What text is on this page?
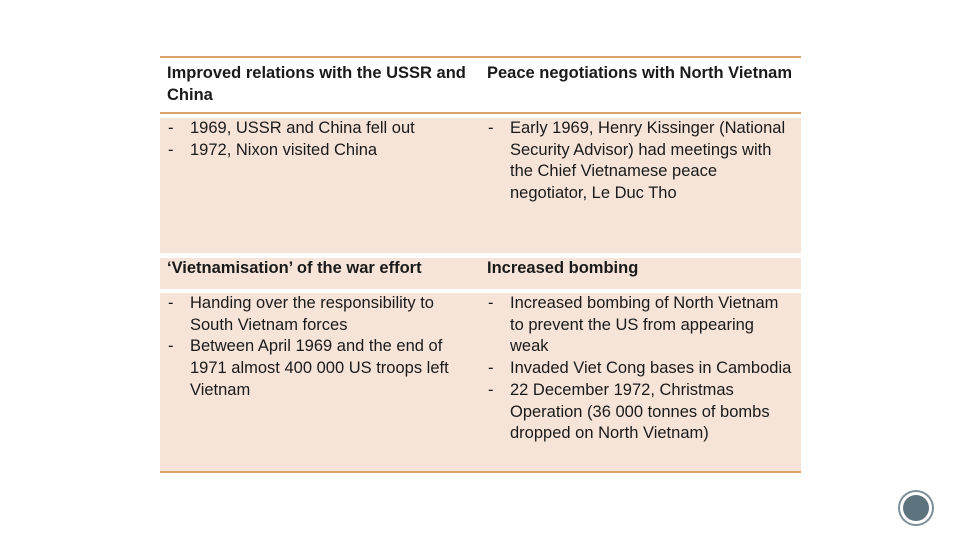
Improved relations with the USSR and China
Peace negotiations with North Vietnam
- 1969, USSR and China fell out
- 1972, Nixon visited China
- Early 1969, Henry Kissinger (National Security Advisor) had meetings with the Chief Vietnamese peace negotiator, Le Duc Tho
‘Vietnamisation’ of the war effort	Increased bombing
- Handing over the responsibility to South Vietnam forces
- Between April 1969 and the end of 1971 almost 400 000 US troops left Vietnam
- Increased bombing of North Vietnam to prevent the US from appearing weak
- Invaded Viet Cong bases in Cambodia
- 22 December 1972, Christmas Operation (36 000 tonnes of bombs dropped on North Vietnam)
